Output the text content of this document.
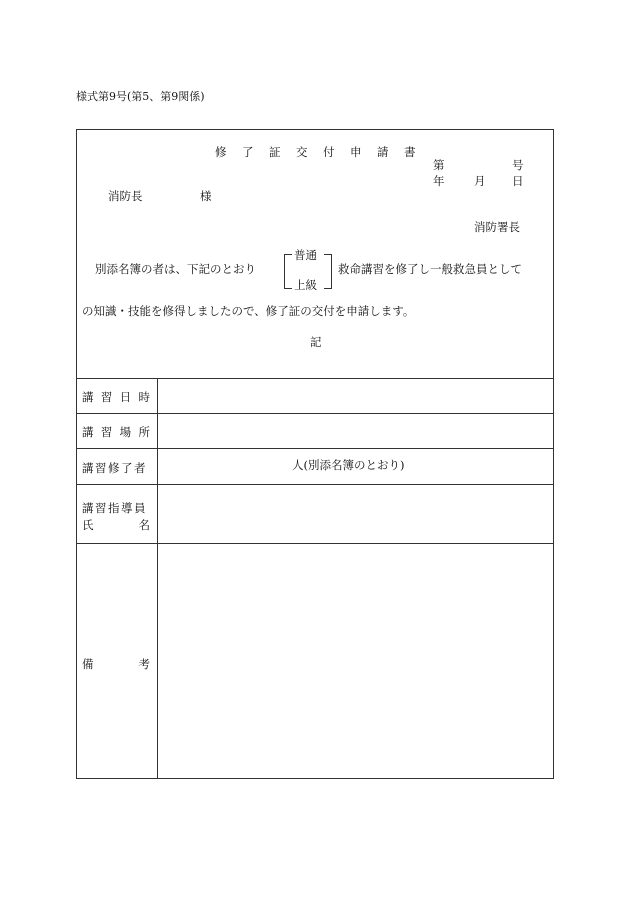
様式第9号(第5、第9関係)
修了証交付申請書
第	号
年	月 日
消防長	様
消防署長
別添名簿の者は、下記のとおり
普通
上級
救命講習を修了し一般救急員として
の知識・技能を修得しましたので、修了証の交付を申請します。
記
講 習 日 時
講 習 場 所
講習修了者	人(別添名簿のとおり)
講習指導員
氏	名
備	考
